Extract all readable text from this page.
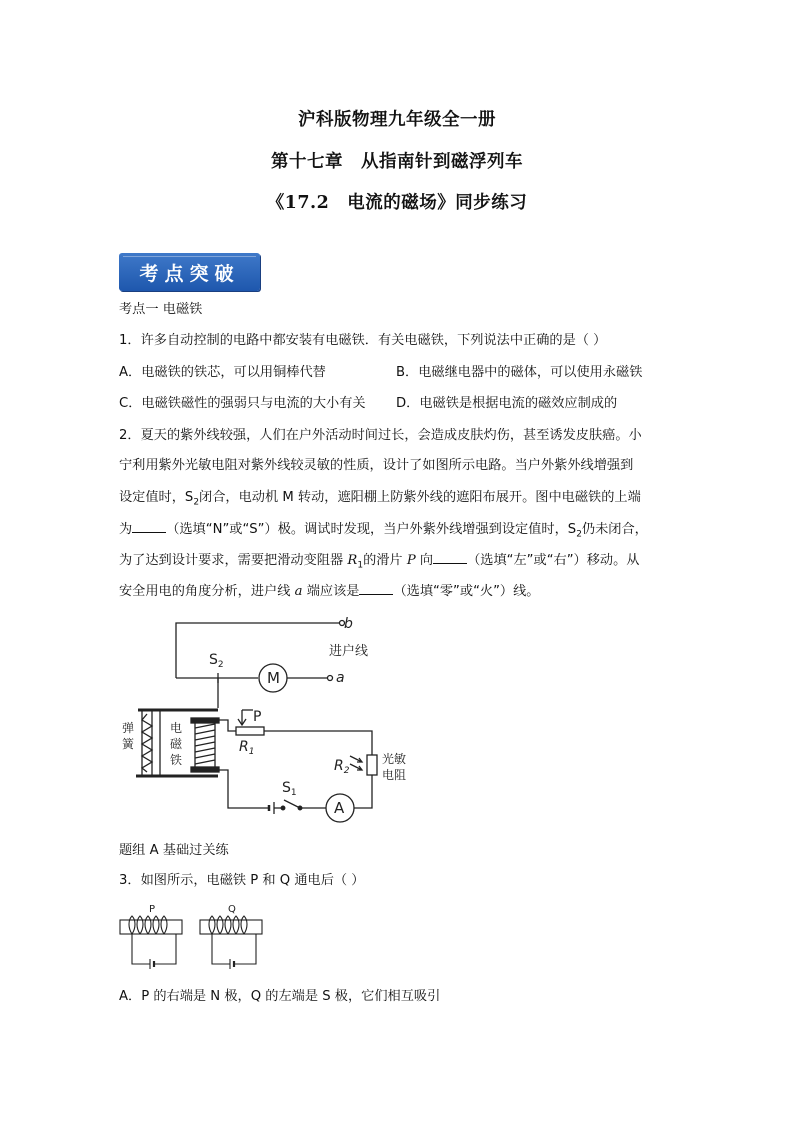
沪科版物理九年级全一册
第十七章　从指南针到磁浮列车
《17.2　电流的磁场》同步练习
考点突破
考点一 电磁铁
1．许多自动控制的电路中都安装有电磁铁．有关电磁铁，下列说法中正确的是（ ）
A．电磁铁的铁芯，可以用铜棒代替	B．电磁继电器中的磁体，可以使用永磁铁
C．电磁铁磁性的强弱只与电流的大小有关 D．电磁铁是根据电流的磁效应制成的
2．夏天的紫外线较强，人们在户外活动时间过长，会造成皮肤灼伤，甚至诱发皮肤癌。小
宁利用紫外光敏电阻对紫外线较灵敏的性质，设计了如图所示电路。当户外紫外线增强到
设定值时，$S_2$闭合，电动机 M 转动，遮阳棚上防紫外线的遮阳布展开。图中电磁铁的上端
为	（选填“N”或“S”）极。调试时发现，当户外紫外线增强到设定值时，$S_2$仍未闭合，
为了达到设计要求，需要把滑动变阻器 $R_1$的滑片 P 向	（选填“左”或“右”）移动。从
安全用电的角度分析，进户线 a 端应该是	（选填“零”或“火”）线。
b
a
进户线
$S_2$
M
P
$R_1$
$R_2$
光敏
电阻
弹
簧
电
磁
铁
$S_1$
A
题组 A 基础过关练
3．如图所示，电磁铁 P 和 Q 通电后（ ）
P	Q
A．P 的右端是 N 极，Q 的左端是 S 极，它们相互吸引
